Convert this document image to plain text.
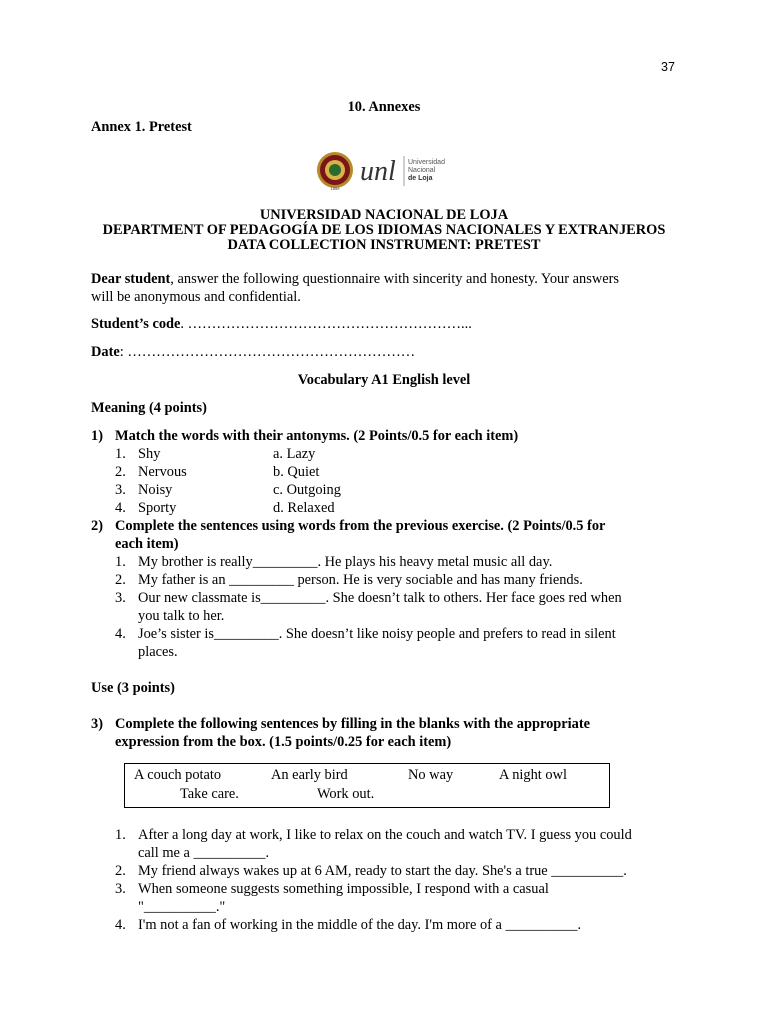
37
10. Annexes
Annex 1. Pretest
1859
unl Universidad
Nacional
de Loja
UNIVERSIDAD NACIONAL DE LOJA
DEPARTMENT OF PEDAGOGÍA DE LOS IDIOMAS NACIONALES Y EXTRANJEROS
DATA COLLECTION INSTRUMENT: PRETEST
Dear student, answer the following questionnaire with sincerity and honesty. Your answers
will be anonymous and confidential.
Student’s code. …………………………………………………...
Date: ……………………………………………………
Vocabulary A1 English level
Meaning (4 points)
1) Match the words with their antonyms. (2 Points/0.5 for each item)
1. Shy	a. Lazy
2. Nervous	b. Quiet
3. Noisy	c. Outgoing
4. Sporty	d. Relaxed
2) Complete the sentences using words from the previous exercise. (2 Points/0.5 for
each item)
1. My brother is really_________. He plays his heavy metal music all day.
2. My father is an _________ person. He is very sociable and has many friends.
3. Our new classmate is_________. She doesn’t talk to others. Her face goes red when
you talk to her.
4. Joe’s sister is_________. She doesn’t like noisy people and prefers to read in silent
places.
Use (3 points)
3) Complete the following sentences by filling in the blanks with the appropriate
expression from the box. (1.5 points/0.25 for each item)
A couch potato	An early bird	No way	A night owl
Take care.	Work out.
1. After a long day at work, I like to relax on the couch and watch TV. I guess you could
call me a __________.
2. My friend always wakes up at 6 AM, ready to start the day. She's a true __________.
3. When someone suggests something impossible, I respond with a casual
"__________."
4. I'm not a fan of working in the middle of the day. I'm more of a __________.
